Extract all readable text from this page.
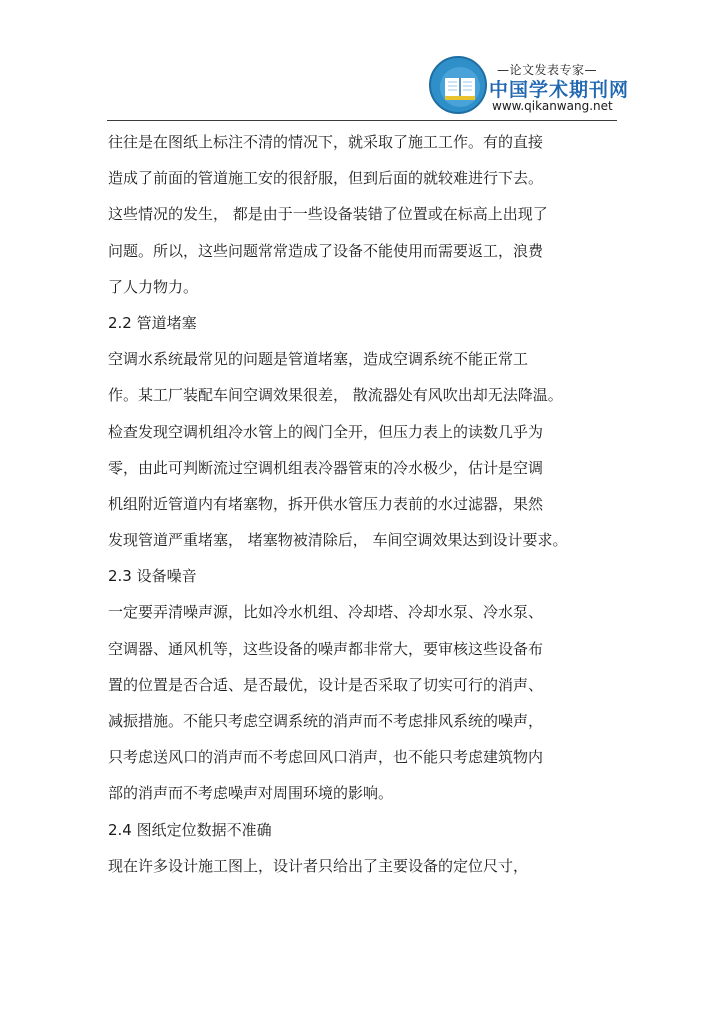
—论文发表专家—
中国学术期刊网
www.qikanwang.net
往往是在图纸上标注不清的情况下，就采取了施工工作。有的直接
造成了前面的管道施工安的很舒服，但到后面的就较难进行下去。
这些情况的发生， 都是由于一些设备装错了位置或在标高上出现了
问题。所以，这些问题常常造成了设备不能使用而需要返工，浪费
了人力物力。
2.2 管道堵塞
空调水系统最常见的问题是管道堵塞，造成空调系统不能正常工
作。某工厂装配车间空调效果很差， 散流器处有风吹出却无法降温。
检查发现空调机组冷水管上的阀门全开，但压力表上的读数几乎为
零，由此可判断流过空调机组表冷器管束的冷水极少，估计是空调
机组附近管道内有堵塞物，拆开供水管压力表前的水过滤器，果然
发现管道严重堵塞， 堵塞物被清除后， 车间空调效果达到设计要求。
2.3 设备噪音
一定要弄清噪声源，比如冷水机组、冷却塔、冷却水泵、冷水泵、
空调器、通风机等，这些设备的噪声都非常大，要审核这些设备布
置的位置是否合适、是否最优，设计是否采取了切实可行的消声、
减振措施。不能只考虑空调系统的消声而不考虑排风系统的噪声，
只考虑送风口的消声而不考虑回风口消声，也不能只考虑建筑物内
部的消声而不考虑噪声对周围环境的影响。
2.4 图纸定位数据不准确
现在许多设计施工图上，设计者只给出了主要设备的定位尺寸，
